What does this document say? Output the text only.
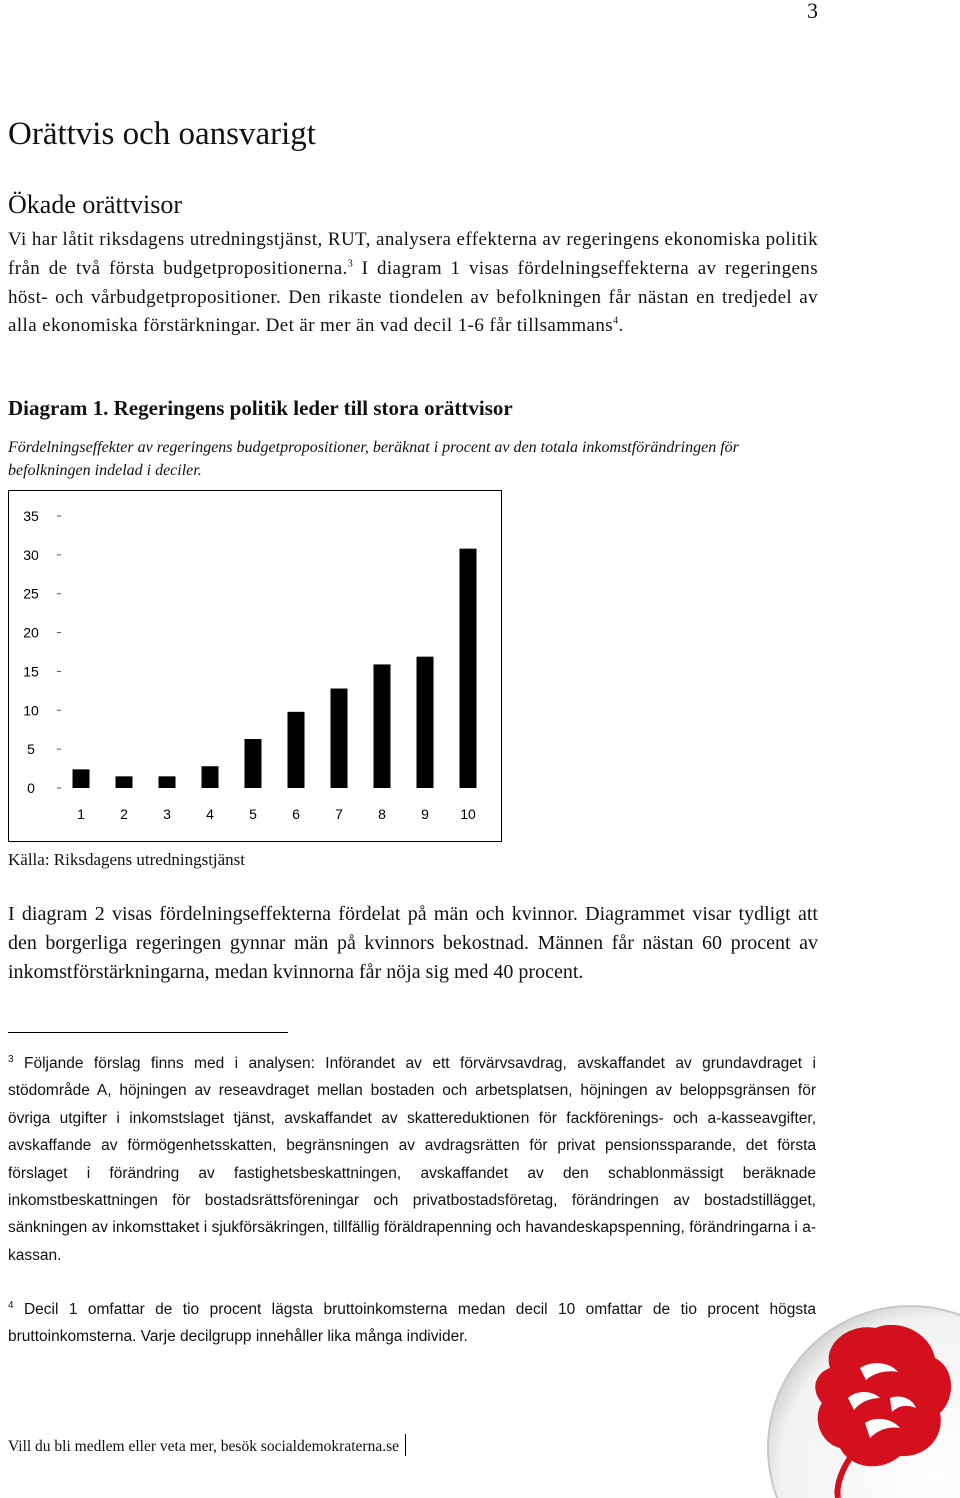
3
Orättvis och oansvarigt
Ökade orättvisor

Vi har låtit riksdagens utredningstjänst, RUT, analysera effekterna av regeringens ekonomiska politik från de två första budgetpropositionerna.$^3$ I diagram 1 visas fördelningseffekterna av regeringens höst- och vårbudgetpropositioner. Den rikaste tiondelen av befolkningen får nästan en tredjedel av alla ekonomiska förstärkningar. Det är mer än vad decil 1-6 får tillsammans$^4$.

Diagram 1. Regeringens politik leder till stora orättvisor
Fördelningseffekter av regeringens budgetpropositioner, beräknat i procent av den totala inkomstförändringen för befolkningen indelad i deciler.
0
5
10
15
20
25
30
35
1	2	3	4	5	6	7	8	9 10
Källa: Riksdagens utredningstjänst
I diagram 2 visas fördelningseffekterna fördelat på män och kvinnor. Diagrammet visar tydligt att den borgerliga regeringen gynnar män på kvinnors bekostnad. Männen får nästan 60 procent av inkomstförstärkningarna, medan kvinnorna får nöja sig med 40 procent.
$^3$ Följande förslag finns med i analysen: Införandet av ett förvärvsavdrag, avskaffandet av grundavdraget i stödområde A, höjningen av reseavdraget mellan bostaden och arbetsplatsen, höjningen av beloppsgränsen för övriga utgifter i inkomstslaget tjänst, avskaffandet av skattereduktionen för fackförenings- och a-kasseavgifter, avskaffande av förmögenhetsskatten, begränsningen av avdragsrätten för privat pensionssparande, det första förslaget i förändring av fastighetsbeskattningen, avskaffandet av den schablonmässigt beräknade inkomstbeskattningen för bostadsrättsföreningar och privatbostadsföretag, förändringen av bostadstillägget, sänkningen av inkomsttaket i sjukförsäkringen, tillfällig föräldrapenning och havandeskapspenning, förändringarna i a-kassan.
$^4$ Decil 1 omfattar de tio procent lägsta bruttoinkomsterna medan decil 10 omfattar de tio procent högsta bruttoinkomsterna. Varje decilgrupp innehåller lika många individer.
Vill du bli medlem eller veta mer, besök socialdemokraterna.se
